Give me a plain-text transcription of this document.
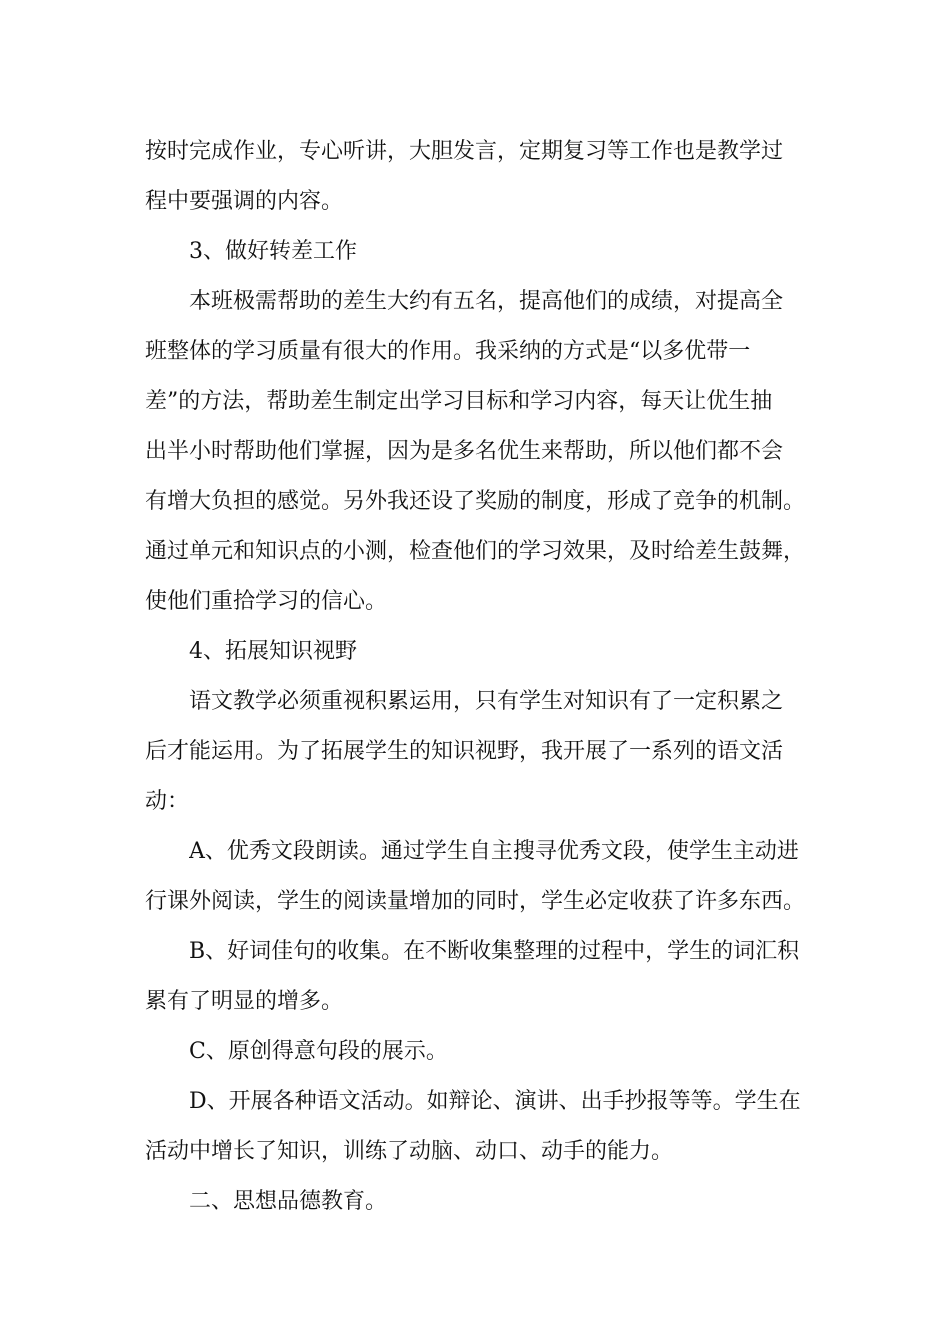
按时完成作业，专心听讲，大胆发言，定期复习等工作也是教学过
程中要强调的内容。
3、做好转差工作
本班极需帮助的差生大约有五名，提高他们的成绩，对提高全
班整体的学习质量有很大的作用。我采纳的方式是“以多优带一
差”的方法，帮助差生制定出学习目标和学习内容，每天让优生抽
出半小时帮助他们掌握，因为是多名优生来帮助，所以他们都不会
有增大负担的感觉。另外我还设了奖励的制度，形成了竞争的机制。
通过单元和知识点的小测，检查他们的学习效果，及时给差生鼓舞，
使他们重拾学习的信心。
4、拓展知识视野
语文教学必须重视积累运用，只有学生对知识有了一定积累之
后才能运用。为了拓展学生的知识视野，我开展了一系列的语文活
动：
A、优秀文段朗读。通过学生自主搜寻优秀文段，使学生主动进
行课外阅读，学生的阅读量增加的同时，学生必定收获了许多东西。
B、好词佳句的收集。在不断收集整理的过程中，学生的词汇积
累有了明显的增多。
C、原创得意句段的展示。
D、开展各种语文活动。如辩论、演讲、出手抄报等等。学生在
活动中增长了知识，训练了动脑、动口、动手的能力。
二、思想品德教育。
